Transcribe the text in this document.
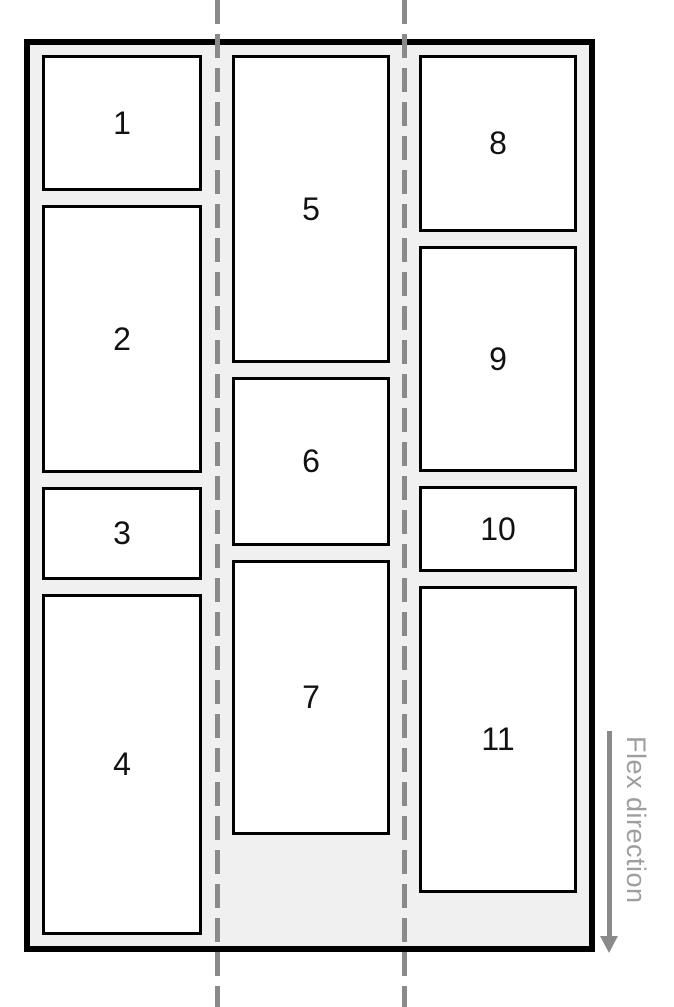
1
2
3
4
5
6
7
8
9
10
11	Flex direction
